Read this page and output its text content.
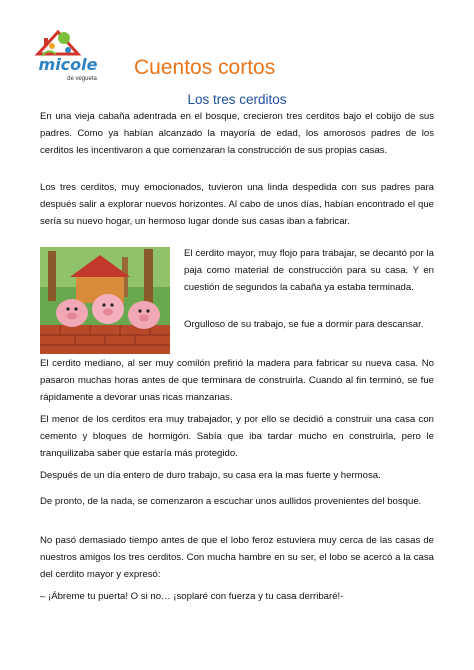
micole
de vegueta Cuentos cortos
Los tres cerditos

En una vieja cabaña adentrada en el bosque, crecieron tres cerditos bajo el cobijo de sus padres. Como ya habían alcanzado la mayoría de edad, los amorosos padres de los cerditos les incentivaron a que comenzaran la construcción de sus propias casas.

Los tres cerditos, muy emocionados, tuvieron una linda despedida con sus padres para después salir a explorar nuevos horizontes. Al cabo de unos días, habían encontrado el que sería su nuevo hogar, un hermoso lugar donde sus casas iban a fabricar.

El cerdito mayor, muy flojo para trabajar, se decantó por la paja como material de construcción para su casa. Y en cuestión de segundos la cabaña ya estaba terminada.

Orgulloso de su trabajo, se fue a dormir para descansar.

El cerdito mediano, al ser muy comilón prefirió la madera para fabricar su nueva casa. No pasaron muchas horas antes de que terminara de construirla. Cuando al fin terminó, se fue rápidamente a devorar unas ricas manzanas.

El menor de los cerditos era muy trabajador, y por ello se decidió a construir una casa con cemento y bloques de hormigón. Sabía que iba tardar mucho en construirla, pero le tranquilizaba saber que estaría más protegido.

Después de un día entero de duro trabajo, su casa era la mas fuerte y hermosa.

De pronto, de la nada, se comenzaron a escuchar unos aullidos provenientes del bosque.

No pasó demasiado tiempo antes de que el lobo feroz estuviera muy cerca de las casas de nuestros amigos los tres cerditos. Con mucha hambre en su ser, el lobo se acercó a la casa del cerdito mayor y expresó:

– ¡Ábreme tu puerta! O si no… ¡soplaré con fuerza y tu casa derribaré!-
